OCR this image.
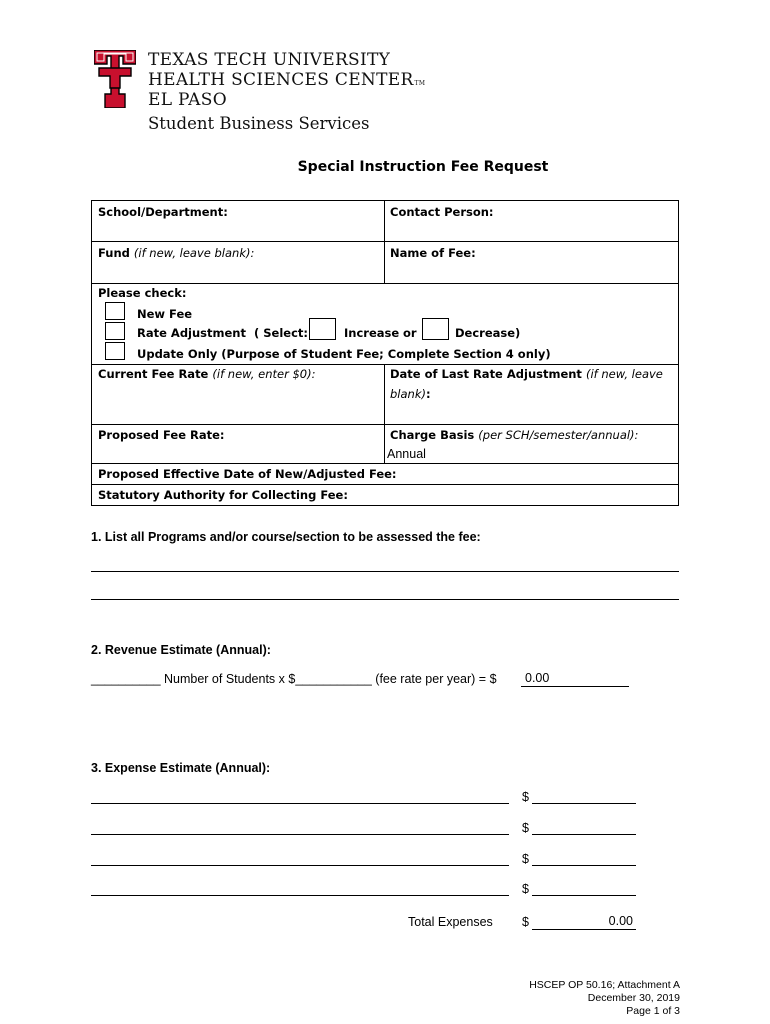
TEXAS TECH UNIVERSITY
HEALTH SCIENCES CENTERTM
EL PASO
Student Business Services
Special Instruction Fee Request
School/Department:	Contact Person:
Fund (if new, leave blank):	Name of Fee:
Please check:
New Fee
Rate Adjustment ( Select:	Increase or	Decrease)
Update Only (Purpose of Student Fee; Complete Section 4 only)
Current Fee Rate (if new, enter $0):	Date of Last Rate Adjustment (if new, leave
blank):
Proposed Fee Rate:	Charge Basis (per SCH/semester/annual):
Annual
Proposed Effective Date of New/Adjusted Fee:
Statutory Authority for Collecting Fee:
1. List all Programs and/or course/section to be assessed the fee:
2. Revenue Estimate (Annual):
__________ Number of Students x $___________ (fee rate per year) = $	0.00
3. Expense Estimate (Annual):
$
$
$
$
Total Expenses $	0.00
HSCEP OP 50.16; Attachment A
December 30, 2019
Page 1 of 3
